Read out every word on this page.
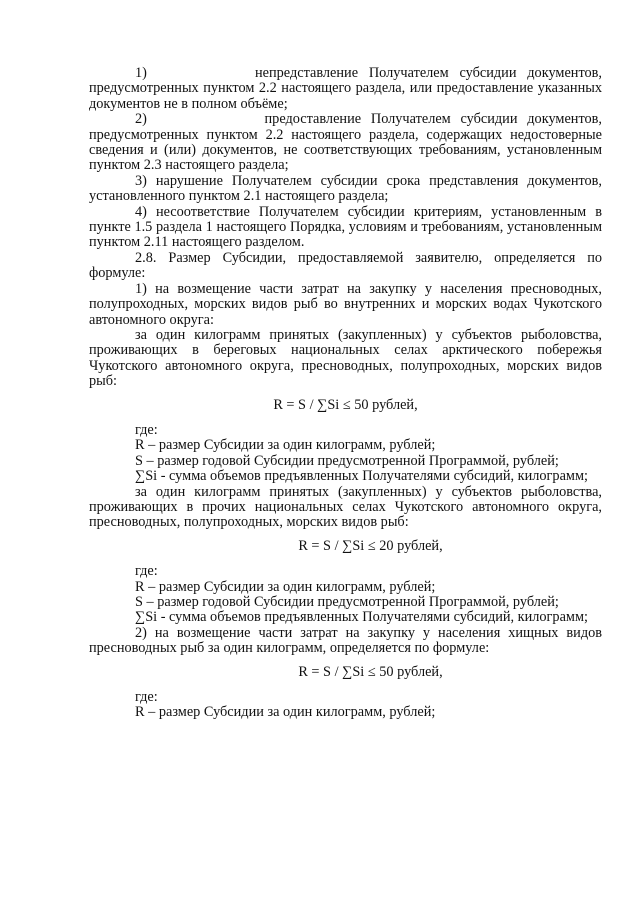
1)          непредставление Получателем субсидии документов, предусмотренных пунктом 2.2 настоящего раздела, или предоставление указанных документов не в полном объёме;

2)            предоставление Получателем субсидии документов, предусмотренных пунктом 2.2 настоящего раздела, содержащих недостоверные сведения и (или) документов, не соответствующих требованиям, установленным пунктом 2.3 настоящего раздела;

3) нарушение Получателем субсидии срока представления документов, установленного пунктом 2.1 настоящего раздела;

4) несоответствие Получателем субсидии критериям, установленным в пункте 1.5 раздела 1 настоящего Порядка, условиям и требованиям, установленным пунктом 2.11 настоящего разделом.

2.8. Размер Субсидии, предоставляемой заявителю, определяется по формуле:

1) на возмещение части затрат на закупку у населения пресноводных, полупроходных, морских видов рыб во внутренних и морских водах Чукотского автономного округа:

за один килограмм принятых (закупленных) у субъектов рыболовства, проживающих в береговых национальных селах арктического побережья Чукотского автономного округа, пресноводных, полупроходных, морских видов рыб:

R = S / ∑Si ≤ 50 рублей,

где:

R – размер Субсидии за один килограмм, рублей;

S – размер годовой Субсидии предусмотренной Программой, рублей;

∑Si - сумма объемов предъявленных Получателями субсидий, килограмм;

за один килограмм принятых (закупленных) у субъектов рыболовства, проживающих в прочих национальных селах Чукотского автономного округа, пресноводных, полупроходных, морских видов рыб:

R = S / ∑Si ≤ 20 рублей,

где:

R – размер Субсидии за один килограмм, рублей;

S – размер годовой Субсидии предусмотренной Программой, рублей;

∑Si - сумма объемов предъявленных Получателями субсидий, килограмм;

2) на возмещение части затрат на закупку у населения хищных видов пресноводных рыб за один килограмм, определяется по формуле:

R = S / ∑Si ≤ 50 рублей,

где:

R – размер Субсидии за один килограмм, рублей;
